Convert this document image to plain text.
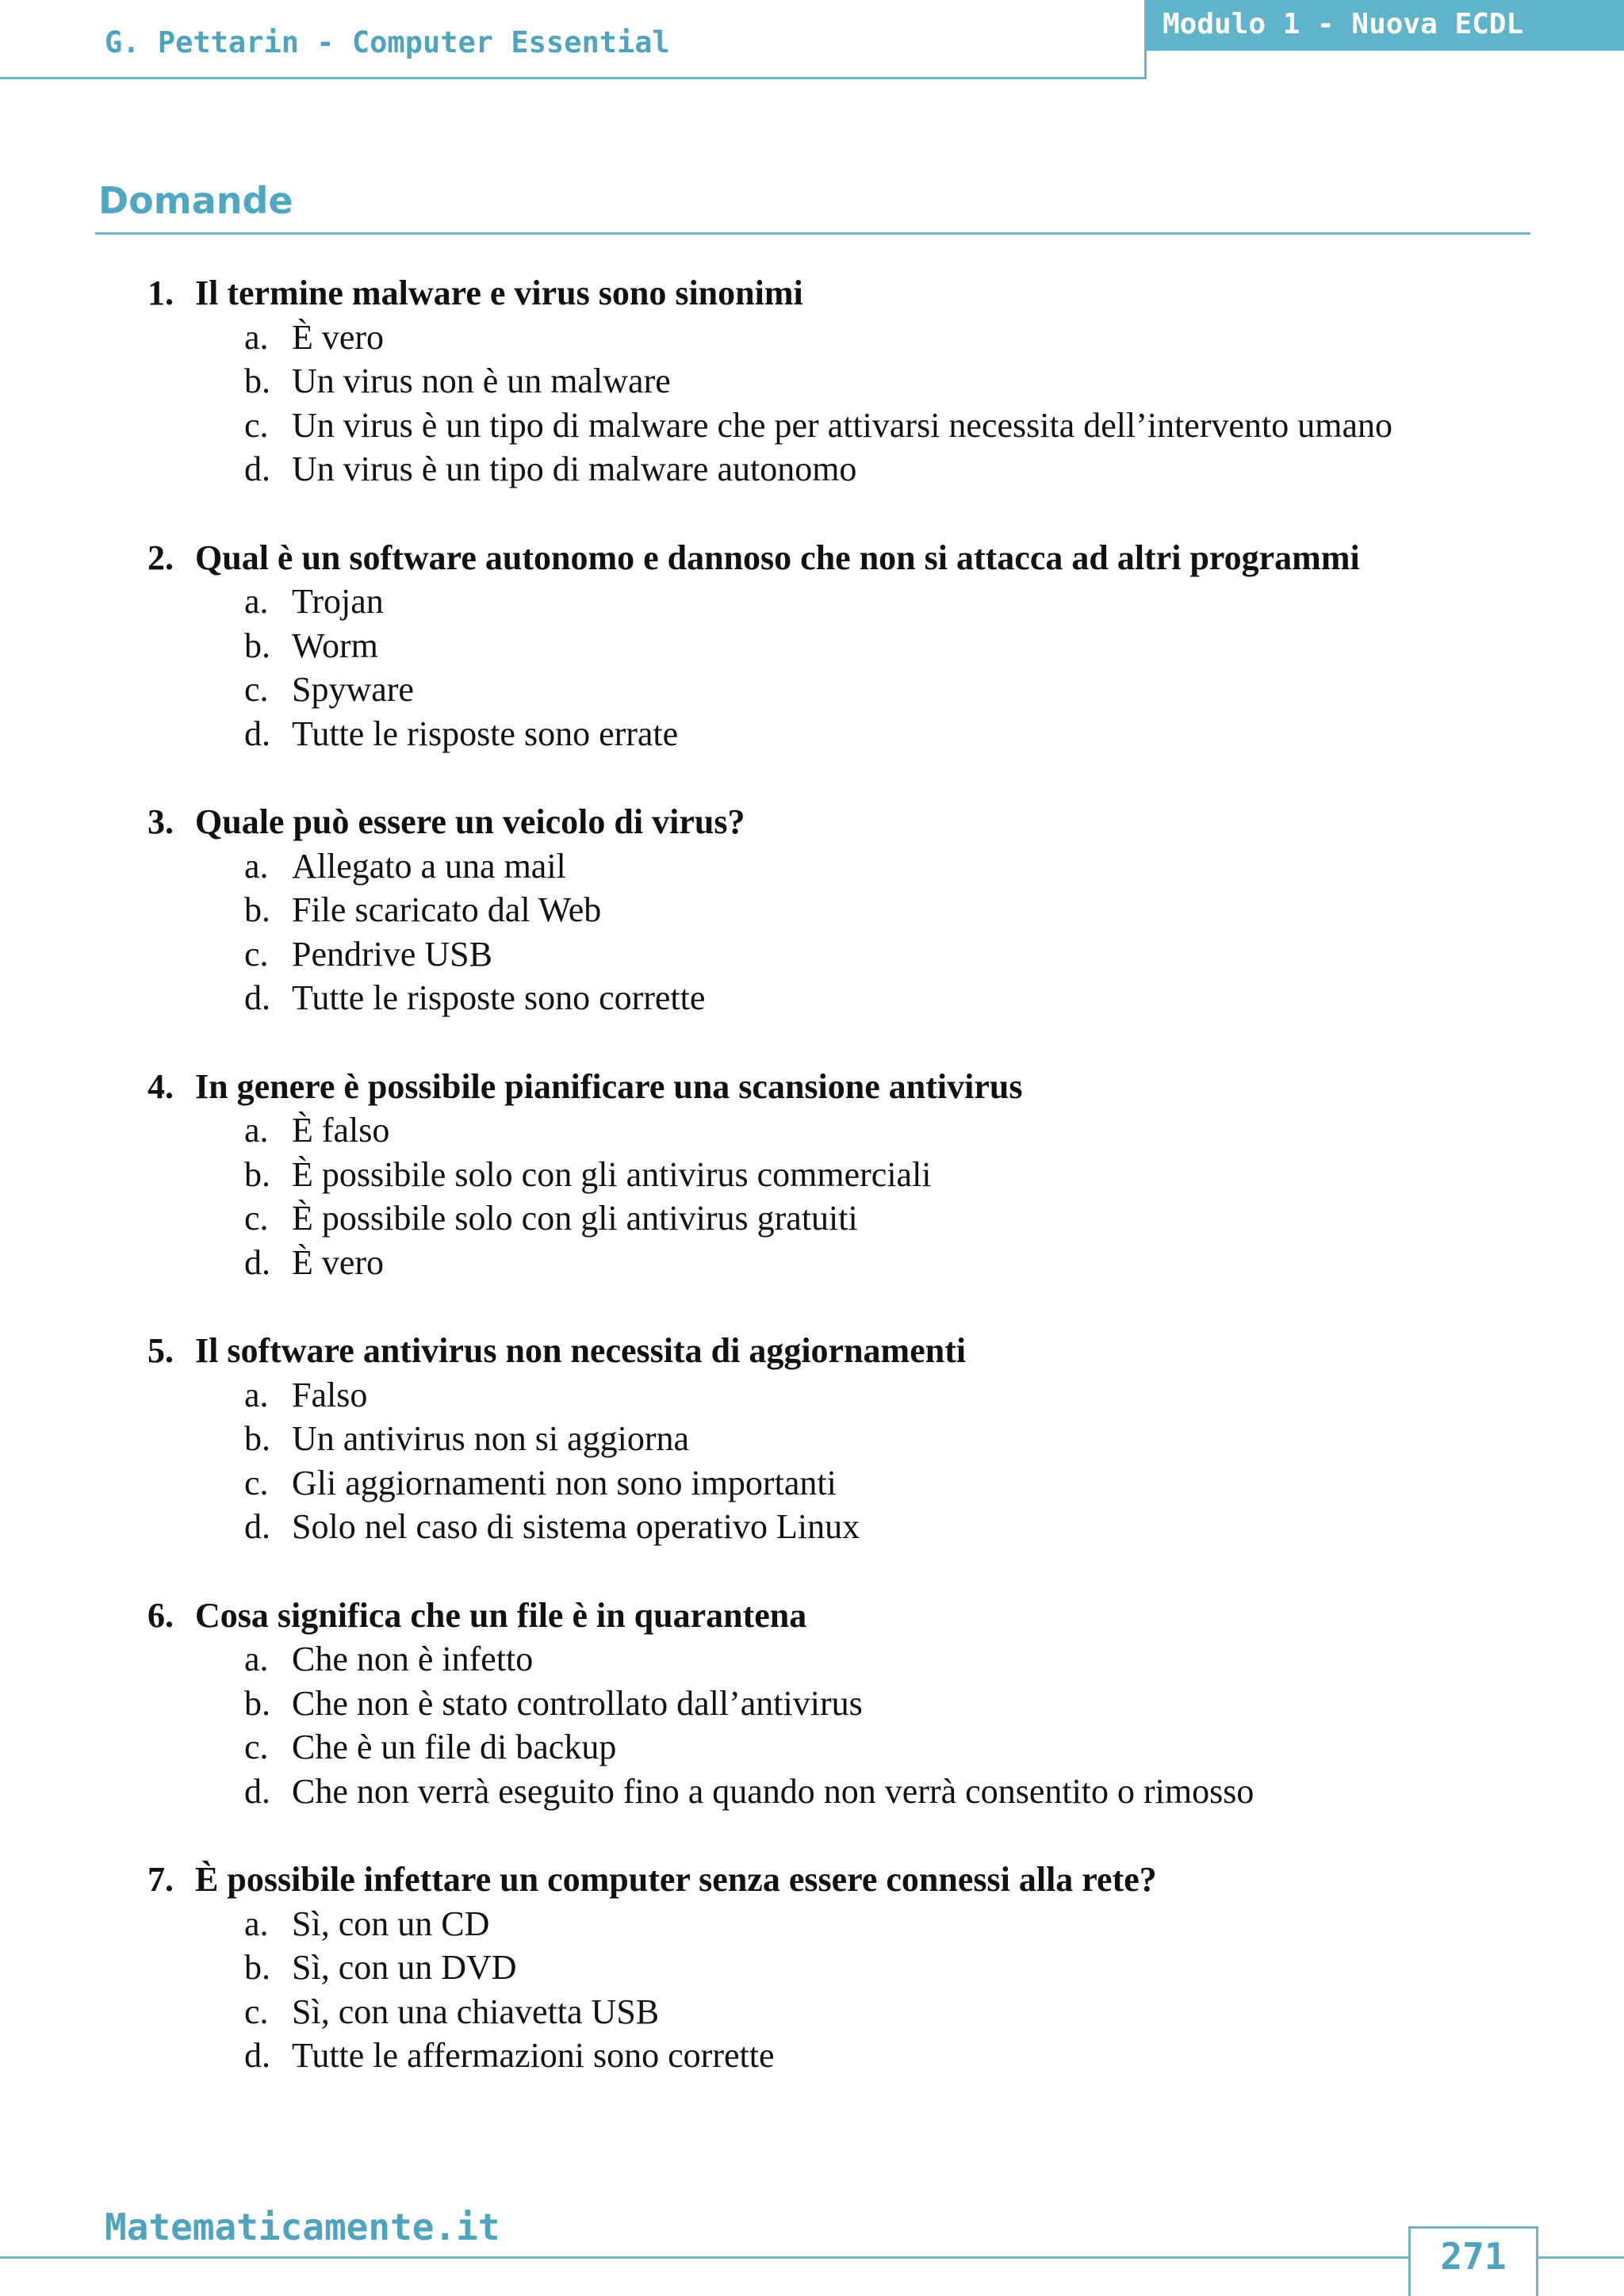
G. Pettarin - Computer Essential
Modulo 1 - Nuova ECDL
Domande
1. Il termine malware e virus sono sinonimi
a. È vero
b. Un virus non è un malware
c. Un virus è un tipo di malware che per attivarsi necessita dell’intervento umano
d. Un virus è un tipo di malware autonomo
2. Qual è un software autonomo e dannoso che non si attacca ad altri programmi
a. Trojan
b. Worm
c. Spyware
d. Tutte le risposte sono errate
3. Quale può essere un veicolo di virus?
a. Allegato a una mail
b. File scaricato dal Web
c. Pendrive USB
d. Tutte le risposte sono corrette
4. In genere è possibile pianificare una scansione antivirus
a. È falso
b. È possibile solo con gli antivirus commerciali
c. È possibile solo con gli antivirus gratuiti
d. È vero
5. Il software antivirus non necessita di aggiornamenti
a. Falso
b. Un antivirus non si aggiorna
c. Gli aggiornamenti non sono importanti
d. Solo nel caso di sistema operativo Linux
6. Cosa significa che un file è in quarantena
a. Che non è infetto
b. Che non è stato controllato dall’antivirus
c. Che è un file di backup
d. Che non verrà eseguito fino a quando non verrà consentito o rimosso
7. È possibile infettare un computer senza essere connessi alla rete?
a. Sì, con un CD
b. Sì, con un DVD
c. Sì, con una chiavetta USB
d. Tutte le affermazioni sono corrette
Matematicamente.it
271
